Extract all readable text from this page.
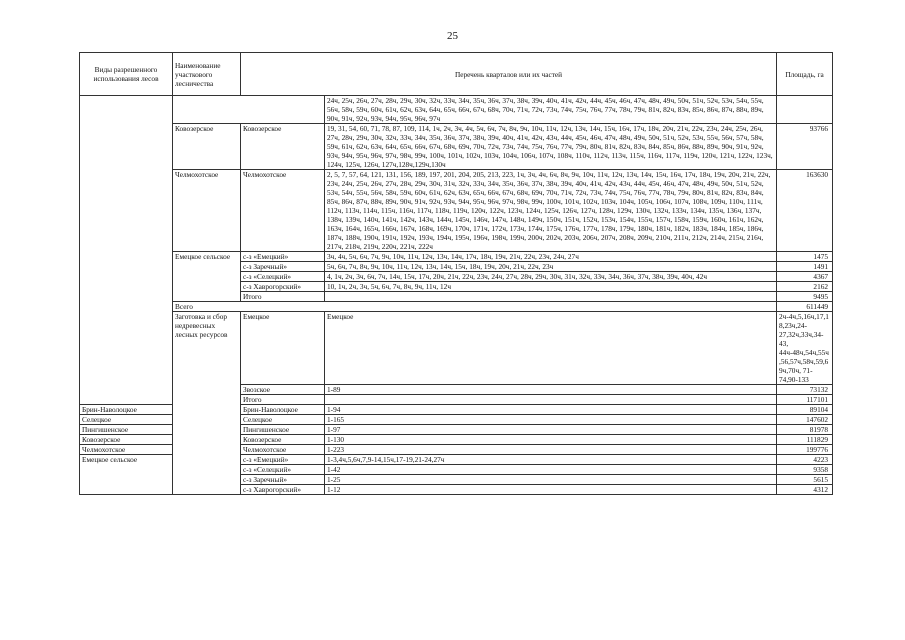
25
Виды разрешенного использования лесов	Наименование участкового лесничества	Перечень кварталов или их частей		Площадь, га	
			24ч, 25ч, 26ч, 27ч, 28ч, 29ч, 30ч, 32ч, 33ч, 34ч, 35ч, 36ч, 37ч, 38ч, 39ч, 40ч, 41ч, 42ч, 44ч, 45ч, 46ч, 47ч, 48ч, 49ч, 50ч, 51ч, 52ч, 53ч, 54ч, 55ч, 56ч, 58ч, 59ч, 60ч, 61ч, 62ч, 63ч, 64ч, 65ч, 66ч, 67ч, 68ч, 70ч, 71ч, 72ч, 73ч, 74ч, 75ч, 76ч, 77ч, 78ч, 79ч, 81ч, 82ч, 83ч, 85ч, 86ч, 87ч, 88ч, 89ч, 90ч, 91ч, 92ч, 93ч, 94ч, 95ч, 96ч, 97ч		
	Ковозерское	Ковозерское	19, 31, 54, 60, 71, 78, 87, 109, 114, 1ч, 2ч, 3ч, 4ч, 5ч, 6ч, 7ч, 8ч, 9ч, 10ч, 11ч, 12ч, 13ч, 14ч, 15ч, 16ч, 17ч, 18ч, 20ч, 21ч, 22ч, 23ч, 24ч, 25ч, 26ч, 27ч, 28ч, 29ч, 30ч, 32ч, 33ч, 34ч, 35ч, 36ч, 37ч, 38ч, 39ч, 40ч, 41ч, 42ч, 43ч, 44ч, 45ч, 46ч, 47ч, 48ч, 49ч, 50ч, 51ч, 52ч, 53ч, 55ч, 56ч, 57ч, 58ч, 59ч, 61ч, 62ч, 63ч, 64ч, 65ч, 66ч, 67ч, 68ч, 69ч, 70ч, 72ч, 73ч, 74ч, 75ч, 76ч, 77ч, 79ч, 80ч, 81ч, 82ч, 83ч, 84ч, 85ч, 86ч, 88ч, 89ч, 90ч, 91ч, 92ч, 93ч, 94ч, 95ч, 96ч, 97ч, 98ч, 99ч, 100ч, 101ч, 102ч, 103ч, 104ч, 106ч, 107ч, 108ч, 110ч, 112ч, 113ч, 115ч, 116ч, 117ч, 119ч, 120ч, 121ч, 122ч, 123ч, 124ч, 125ч, 126ч, 127ч,128ч,129ч,130ч	93766	
	Челмохотское	Челмохотское	2, 5, 7, 57, 64, 121, 131, 156, 189, 197, 201, 204, 205, 213, 223, 1ч, 3ч, 4ч, 6ч, 8ч, 9ч, 10ч, 11ч, 12ч, 13ч, 14ч, 15ч, 16ч, 17ч, 18ч, 19ч, 20ч, 21ч, 22ч, 23ч, 24ч, 25ч, 26ч, 27ч, 28ч, 29ч, 30ч, 31ч, 32ч, 33ч, 34ч, 35ч, 36ч, 37ч, 38ч, 39ч, 40ч, 41ч, 42ч, 43ч, 44ч, 45ч, 46ч, 47ч, 48ч, 49ч, 50ч, 51ч, 52ч, 53ч, 54ч, 55ч, 56ч, 58ч, 59ч, 60ч, 61ч, 62ч, 63ч, 65ч, 66ч, 67ч, 68ч, 69ч, 70ч, 71ч, 72ч, 73ч, 74ч, 75ч, 76ч, 77ч, 78ч, 79ч, 80ч, 81ч, 82ч, 83ч, 84ч, 85ч, 86ч, 87ч, 88ч, 89ч, 90ч, 91ч, 92ч, 93ч, 94ч, 95ч, 96ч, 97ч, 98ч, 99ч, 100ч, 101ч, 102ч, 103ч, 104ч, 105ч, 106ч, 107ч, 108ч, 109ч, 110ч, 111ч, 112ч, 113ч, 114ч, 115ч, 116ч, 117ч, 118ч, 119ч, 120ч, 122ч, 123ч, 124ч, 125ч, 126ч, 127ч, 128ч, 129ч, 130ч, 132ч, 133ч, 134ч, 135ч, 136ч, 137ч, 138ч, 139ч, 140ч, 141ч, 142ч, 143ч, 144ч, 145ч, 146ч, 147ч, 148ч, 149ч, 150ч, 151ч, 152ч, 153ч, 154ч, 155ч, 157ч, 158ч, 159ч, 160ч, 161ч, 162ч, 163ч, 164ч, 165ч, 166ч, 167ч, 168ч, 169ч, 170ч, 171ч, 172ч, 173ч, 174ч, 175ч, 176ч, 177ч, 178ч, 179ч, 180ч, 181ч, 182ч, 183ч, 184ч, 185ч, 186ч, 187ч, 188ч, 190ч, 191ч, 192ч, 193ч, 194ч, 195ч, 196ч, 198ч, 199ч, 200ч, 202ч, 203ч, 206ч, 207ч, 208ч, 209ч, 210ч, 211ч, 212ч, 214ч, 215ч, 216ч, 217ч, 218ч, 219ч, 220ч, 221ч, 222ч	163630	
	Емецкое сельское	с-з «Емецкий»	3ч, 4ч, 5ч, 6ч, 7ч, 9ч, 10ч, 11ч, 12ч, 13ч, 14ч, 17ч, 18ч, 19ч, 21ч, 22ч, 23ч, 24ч, 27ч	1475	
		с-з Заречный»	5ч, 6ч, 7ч, 8ч, 9ч, 10ч, 11ч, 12ч, 13ч, 14ч, 15ч, 18ч, 19ч, 20ч, 21ч, 22ч, 23ч	1491	
		с-з «Селецкий»	4, 1ч, 2ч, 3ч, 6ч, 7ч, 14ч, 15ч, 17ч, 20ч, 21ч, 22ч, 23ч, 24ч, 27ч, 28ч, 29ч, 30ч, 31ч, 32ч, 33ч, 34ч, 36ч, 37ч, 38ч, 39ч, 40ч, 42ч	4367	
		с-з Хаврогорский»	10, 1ч, 2ч, 3ч, 5ч, 6ч, 7ч, 8ч, 9ч, 11ч, 12ч	2162	
		Итого		9495	
	Всего			611449	
	Заготовка и сбор недревесных лесных ресурсов	Емецкое	Емецкое	2ч-4ч,5,16ч,17,18,23ч,24-27,32ч,33ч,34-43, 44ч-48ч,54ч,55ч,56,57ч,58ч,59,69ч,70ч, 71-74,90-133	
		Звозское	1-89	73132	
		Итого		117101	
Брин-Наволоцкое		Брин-Наволоцкое	1-94	89104	
Селецкое		Селецкое	1-165	147602	
Пингишенское		Пингишенское	1-97	81978	
Ковозерское		Ковозерское	1-130	111829	
Челмохотское		Челмохотское	1-223	199776	
Емецкое сельское		с-з «Емецкий»	1-3,4ч,5,6ч,7,9-14,15ч,17-19,21-24,27ч	4223	
		с-з «Селецкий»	1-42	9358	
		с-з Заречный»	1-25	5615	
		с-з Хаврогорский»	1-12	4312	
